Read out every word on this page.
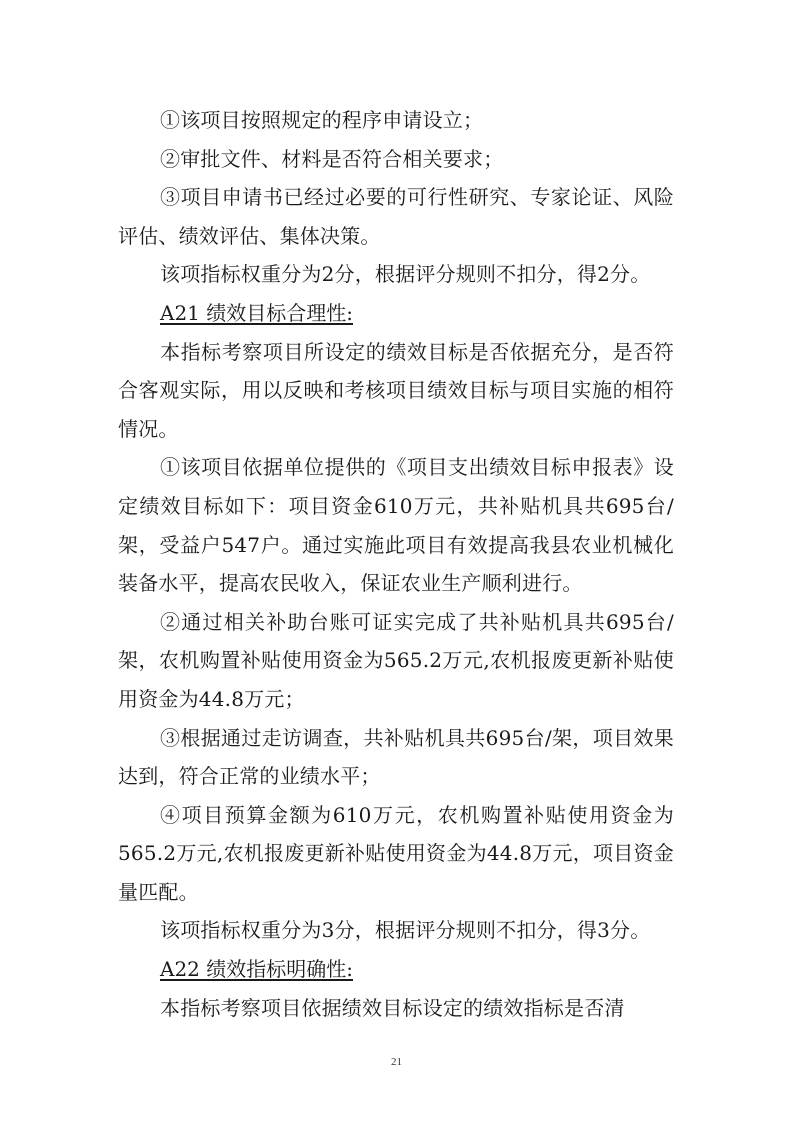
①该项目按照规定的程序申请设立；

②审批文件、材料是否符合相关要求；

③项目申请书已经过必要的可行性研究、专家论证、风险评估、绩效评估、集体决策。

该项指标权重分为2分，根据评分规则不扣分，得2分。

A21 绩效目标合理性:

本指标考察项目所设定的绩效目标是否依据充分，是否符合客观实际，用以反映和考核项目绩效目标与项目实施的相符情况。

①该项目依据单位提供的《项目支出绩效目标申报表》设定绩效目标如下：项目资金610万元，共补贴机具共695台/架，受益户547户。通过实施此项目有效提高我县农业机械化装备水平，提高农民收入，保证农业生产顺利进行。

②通过相关补助台账可证实完成了共补贴机具共695台/架，农机购置补贴使用资金为565.2万元,农机报废更新补贴使用资金为44.8万元；

③根据通过走访调查，共补贴机具共695台/架，项目效果达到，符合正常的业绩水平；

④项目预算金额为610万元，农机购置补贴使用资金为565.2万元,农机报废更新补贴使用资金为44.8万元，项目资金量匹配。

该项指标权重分为3分，根据评分规则不扣分，得3分。

A22 绩效指标明确性:

本指标考察项目依据绩效目标设定的绩效指标是否清

21
